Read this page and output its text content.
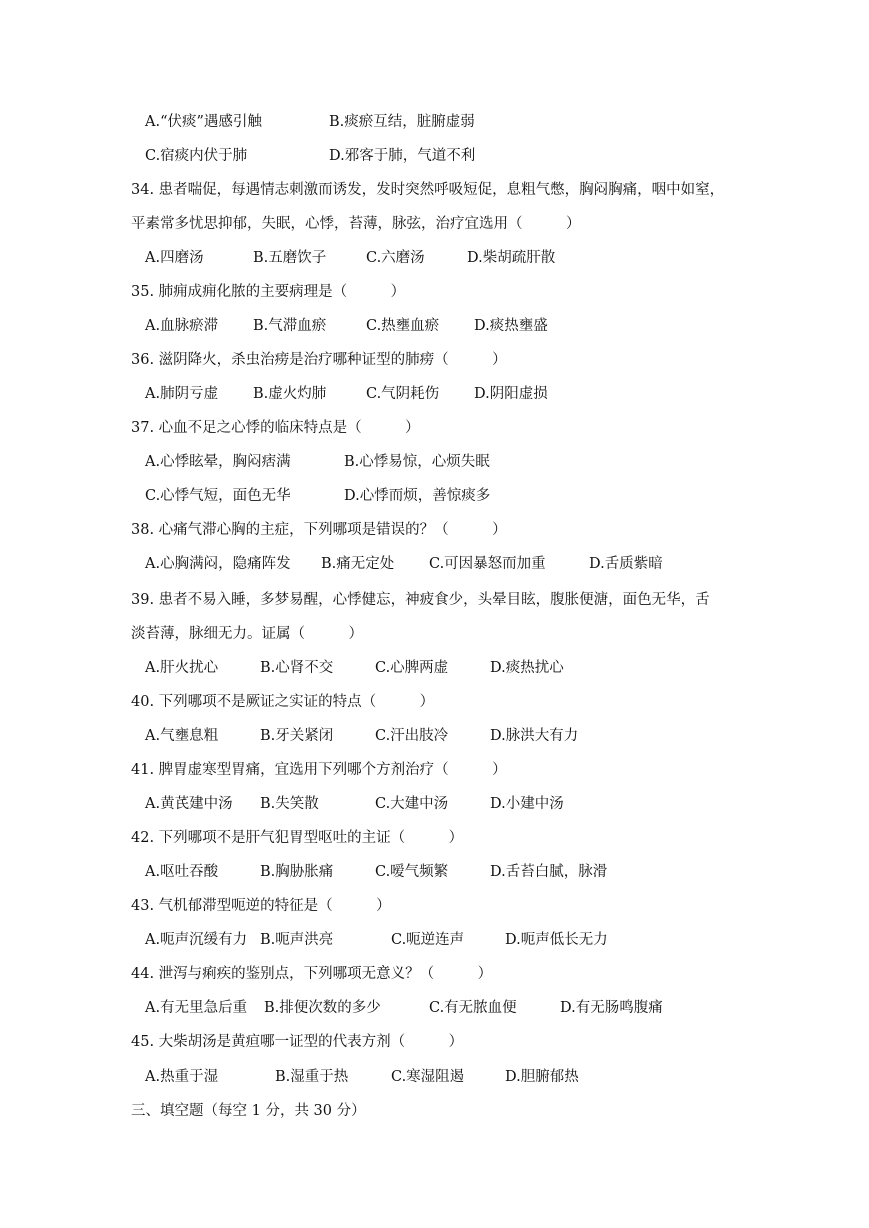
A.“伏痰”遇感引触	B.痰瘀互结，脏腑虚弱
C.宿痰内伏于肺	D.邪客于肺，气道不利
34. 患者喘促，每遇情志刺激而诱发，发时突然呼吸短促，息粗气憋，胸闷胸痛，咽中如窒，
平素常多忧思抑郁，失眠，心悸，苔薄，脉弦，治疗宜选用（　　　）
A.四磨汤	B.五磨饮子	C.六磨汤	D.柴胡疏肝散
35. 肺痈成痈化脓的主要病理是（　　　）
A.血脉瘀滞 B.气滞血瘀	C.热壅血瘀 D.痰热壅盛
36. 滋阴降火，杀虫治痨是治疗哪种证型的肺痨（　　　）
A.肺阴亏虚 B.虚火灼肺	C.气阴耗伤 D.阴阳虚损
37. 心血不足之心悸的临床特点是（　　　）
A.心悸眩晕，胸闷痞满	B.心悸易惊，心烦失眠
C.心悸气短，面色无华	D.心悸而烦，善惊痰多
38. 心痛气滞心胸的主症，下列哪项是错误的？（　　　）
A.心胸满闷，隐痛阵发 B.痛无定处 C.可因暴怒而加重	D.舌质紫暗
39. 患者不易入睡，多梦易醒，心悸健忘，神疲食少，头晕目眩，腹胀便溏，面色无华，舌
淡苔薄，脉细无力。证属（　　　）
A.肝火扰心	B.心肾不交	C.心脾两虚	D.痰热扰心
40. 下列哪项不是厥证之实证的特点（　　　）
A.气壅息粗	B.牙关紧闭	C.汗出肢冷	D.脉洪大有力
41. 脾胃虚寒型胃痛，宜选用下列哪个方剂治疗（　　　）
A.黄芪建中汤 B.失笑散	C.大建中汤	D.小建中汤
42. 下列哪项不是肝气犯胃型呕吐的主证（　　　）
A.呕吐吞酸	B.胸胁胀痛	C.嗳气频繁	D.舌苔白腻，脉滑
43. 气机郁滞型呃逆的特征是（　　　）
A.呃声沉缓有力 B.呃声洪亮	C.呃逆连声	D.呃声低长无力
44. 泄泻与痢疾的鉴别点，下列哪项无意义？（　　　）
A.有无里急后重 B.排便次数的多少	C.有无脓血便	D.有无肠鸣腹痛
45. 大柴胡汤是黄疸哪一证型的代表方剂（　　　）
A.热重于湿	B.湿重于热	C.寒湿阻遏	D.胆腑郁热
三、填空题（每空 1 分，共 30 分）
